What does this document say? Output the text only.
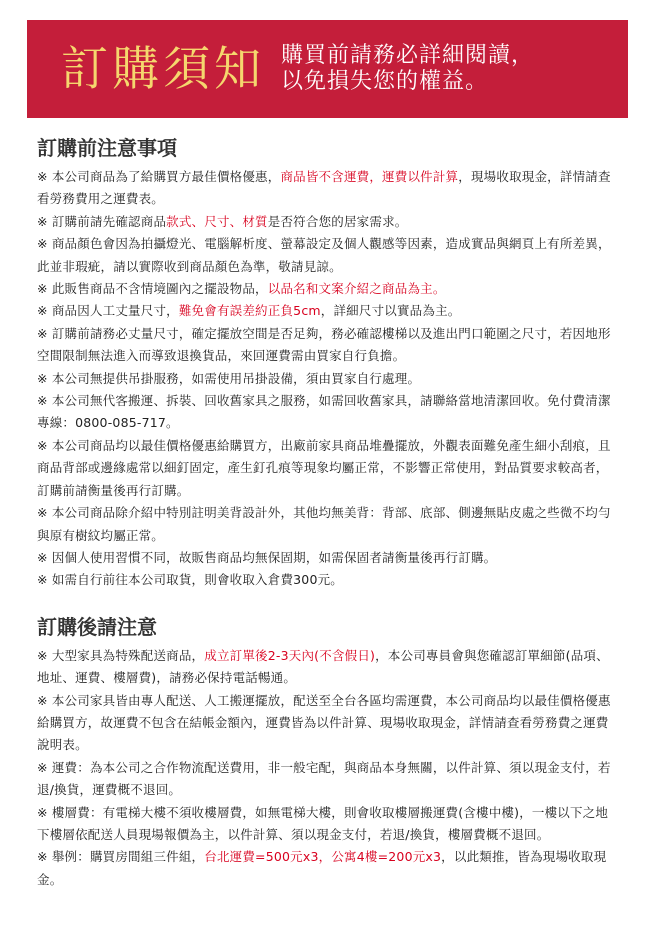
訂購須知 購買前請務必詳細閱讀，
以免損失您的權益。
訂購前注意事項

※ 本公司商品為了給購買方最佳價格優惠，商品皆不含運費，運費以件計算，現場收取現金，詳情請查看勞務費用之運費表。

※ 訂購前請先確認商品款式、尺寸、材質是否符合您的居家需求。

※ 商品顏色會因為拍攝燈光、電腦解析度、螢幕設定及個人觀感等因素，造成實品與網頁上有所差異，此並非瑕疵，請以實際收到商品顏色為準，敬請見諒。

※ 此販售商品不含情境圖內之擺設物品，以品名和文案介紹之商品為主。

※ 商品因人工丈量尺寸，難免會有誤差約正負5cm，詳細尺寸以實品為主。

※ 訂購前請務必丈量尺寸，確定擺放空間是否足夠，務必確認樓梯以及進出門口範圍之尺寸，若因地形空間限制無法進入而導致退換貨品，來回運費需由買家自行負擔。

※ 本公司無提供吊掛服務，如需使用吊掛設備，須由買家自行處理。

※ 本公司無代客搬運、拆裝、回收舊家具之服務，如需回收舊家具，請聯絡當地清潔回收。免付費清潔專線：0800-085-717。

※ 本公司商品均以最佳價格優惠給購買方，出廠前家具商品堆疊擺放，外觀表面難免產生細小刮痕，且商品背部或邊緣處常以細釘固定，產生釘孔痕等現象均屬正常，不影響正常使用，對品質要求較高者，訂購前請衡量後再行訂購。

※ 本公司商品除介紹中特別註明美背設計外，其他均無美背：背部、底部、側邊無貼皮處之些微不均勻與原有樹紋均屬正常。

※ 因個人使用習慣不同，故販售商品均無保固期，如需保固者請衡量後再行訂購。

※ 如需自行前往本公司取貨，則會收取入倉費300元。

訂購後請注意

※ 大型家具為特殊配送商品，成立訂單後2-3天內(不含假日)，本公司專員會與您確認訂單細節(品項、地址、運費、樓層費)，請務必保持電話暢通。

※ 本公司家具皆由專人配送、人工搬運擺放，配送至全台各區均需運費，本公司商品均以最佳價格優惠給購買方，故運費不包含在結帳金額內，運費皆為以件計算、現場收取現金，詳情請查看勞務費之運費說明表。

※ 運費：為本公司之合作物流配送費用，非一般宅配，與商品本身無關，以件計算、須以現金支付，若退/換貨，運費概不退回。

※ 樓層費：有電梯大樓不須收樓層費，如無電梯大樓，則會收取樓層搬運費(含樓中樓)，一樓以下之地下樓層依配送人員現場報價為主，以件計算、須以現金支付，若退/換貨，樓層費概不退回。

※ 舉例：購買房間組三件組，台北運費=500元x3，公寓4樓=200元x3，以此類推，皆為現場收取現金。
